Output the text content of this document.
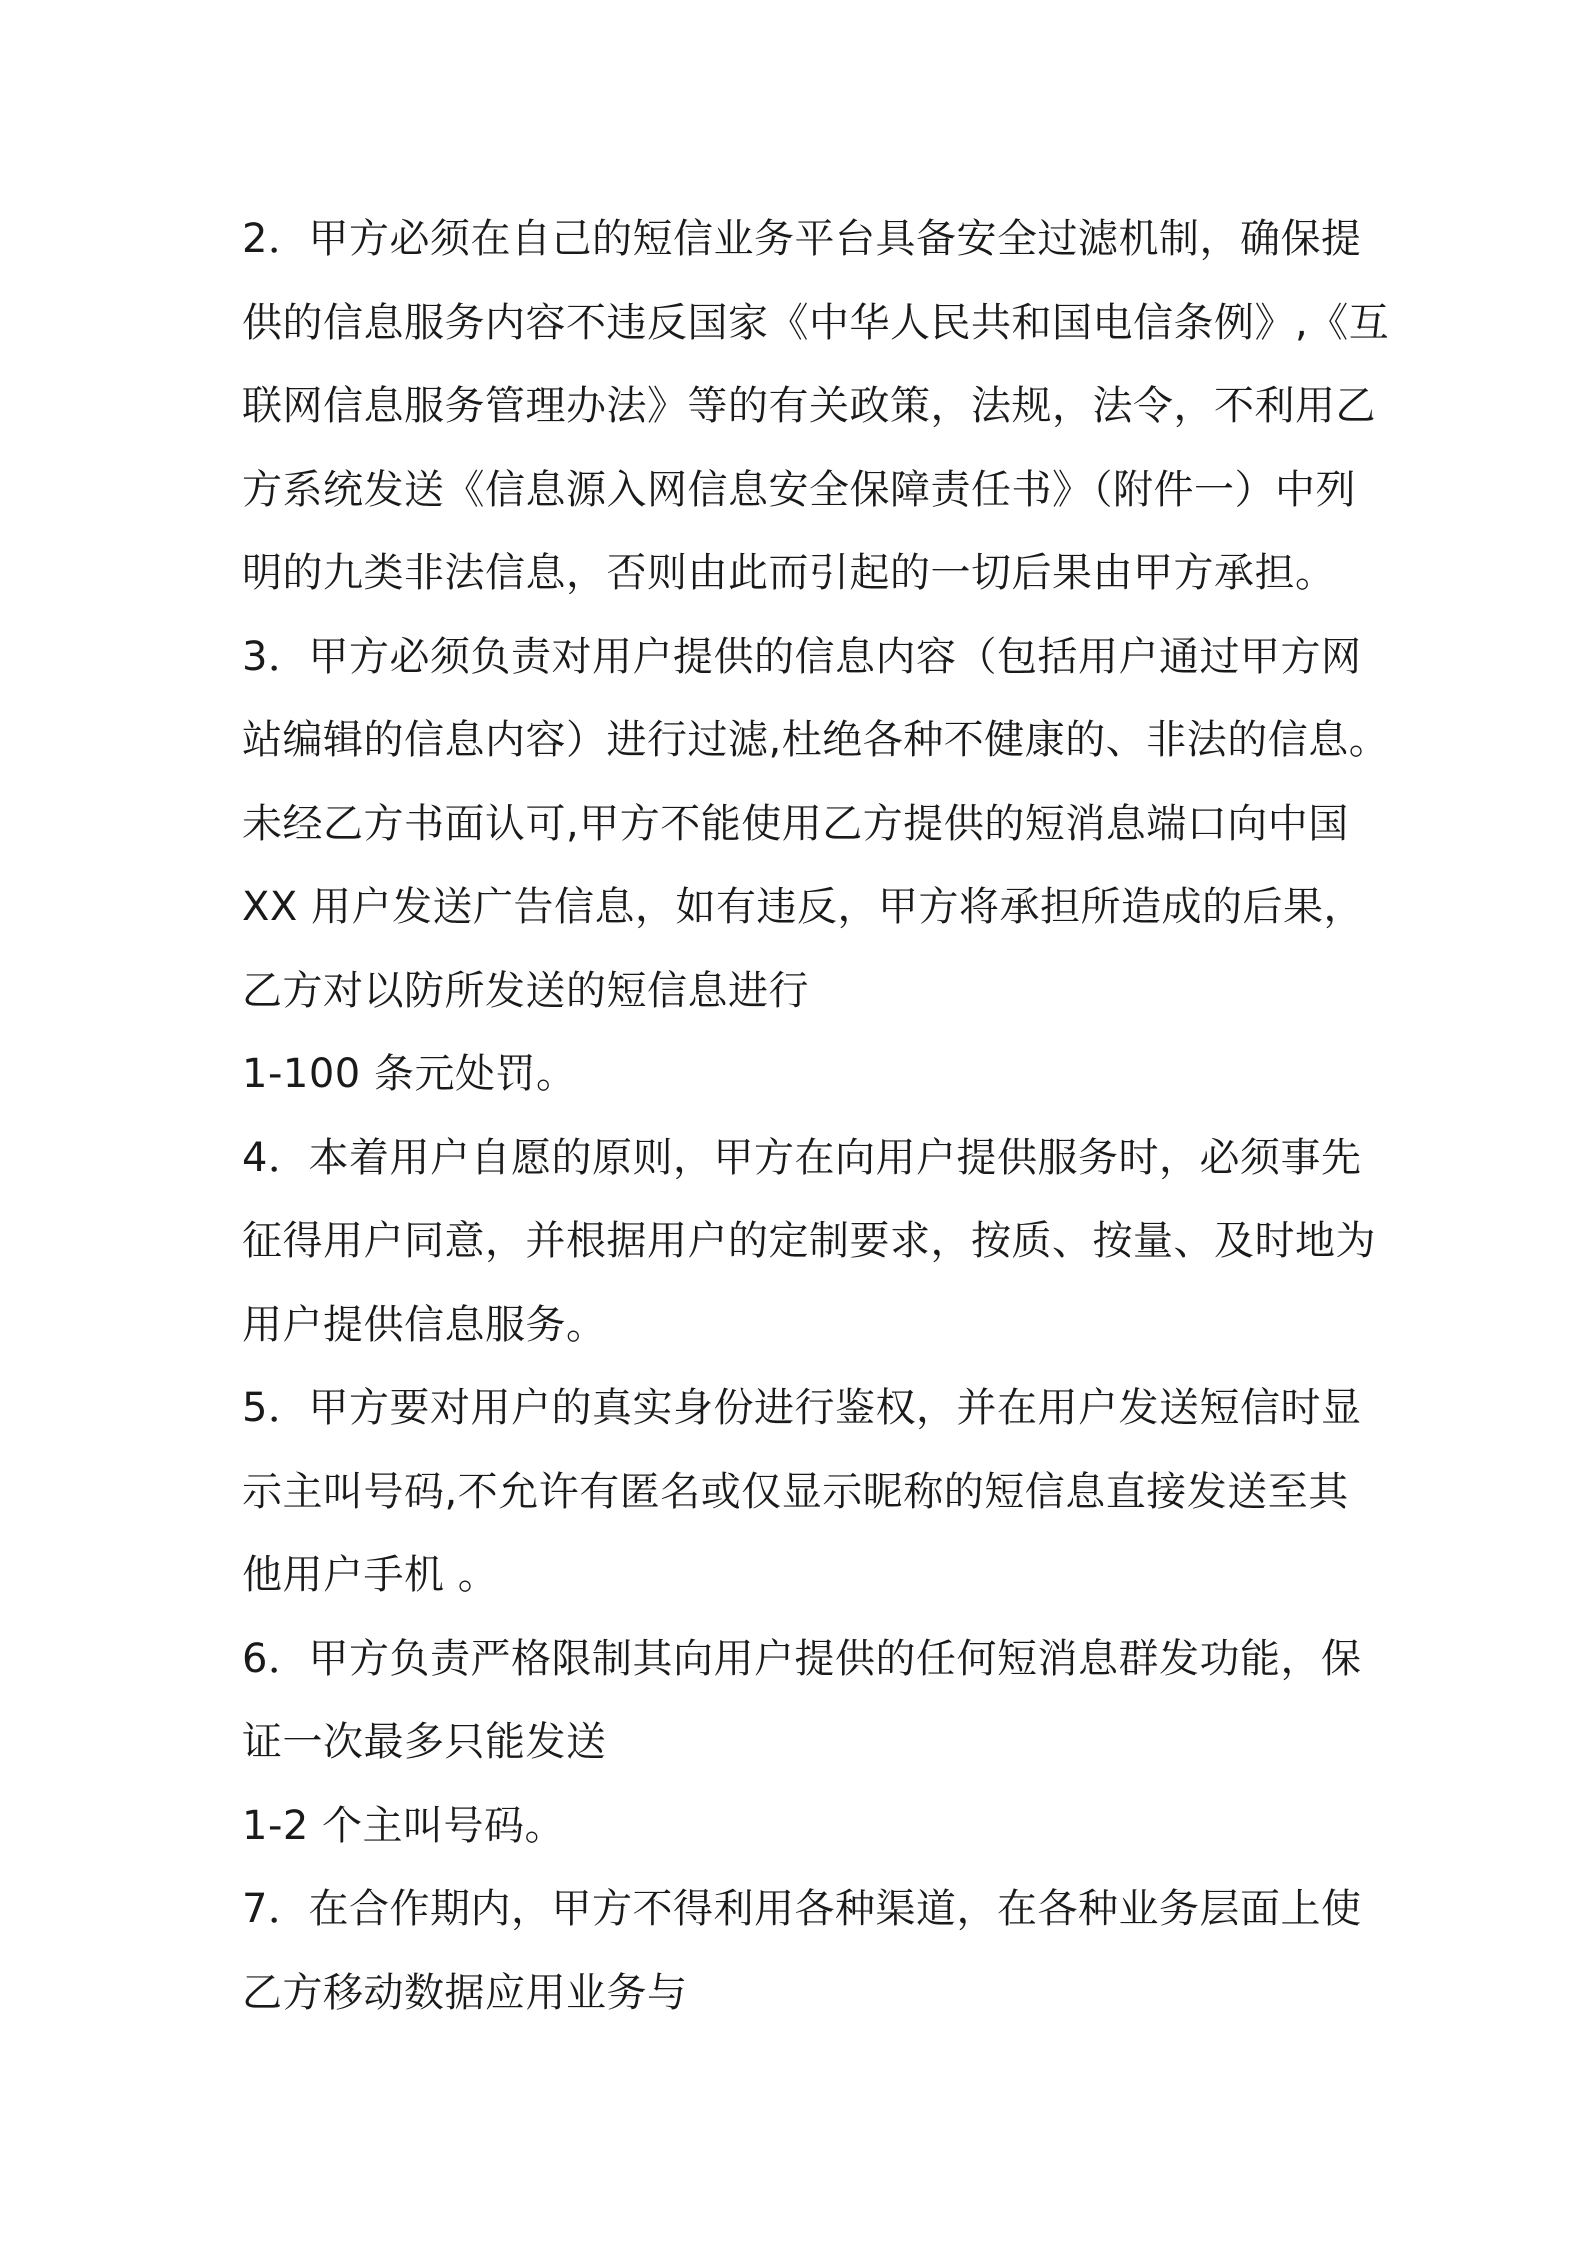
2．甲方必须在自己的短信业务平台具备安全过滤机制，确保提
供的信息服务内容不违反国家《中华人民共和国电信条例》,《互
联网信息服务管理办法》等的有关政策，法规，法令，不利用乙
方系统发送《信息源入网信息安全保障责任书》（附件一）中列
明的九类非法信息，否则由此而引起的一切后果由甲方承担。
3．甲方必须负责对用户提供的信息内容（包括用户通过甲方网
站编辑的信息内容）进行过滤,杜绝各种不健康的、非法的信息。
未经乙方书面认可,甲方不能使用乙方提供的短消息端口向中国
XX 用户发送广告信息，如有违反，甲方将承担所造成的后果，
乙方对以防所发送的短信息进行
1-100 条元处罚。
4．本着用户自愿的原则，甲方在向用户提供服务时，必须事先
征得用户同意，并根据用户的定制要求，按质、按量、及时地为
用户提供信息服务。
5．甲方要对用户的真实身份进行鉴权，并在用户发送短信时显
示主叫号码,不允许有匿名或仅显示昵称的短信息直接发送至其
他用户手机 。
6．甲方负责严格限制其向用户提供的任何短消息群发功能，保
证一次最多只能发送
1-2 个主叫号码。
7．在合作期内，甲方不得利用各种渠道，在各种业务层面上使
乙方移动数据应用业务与
